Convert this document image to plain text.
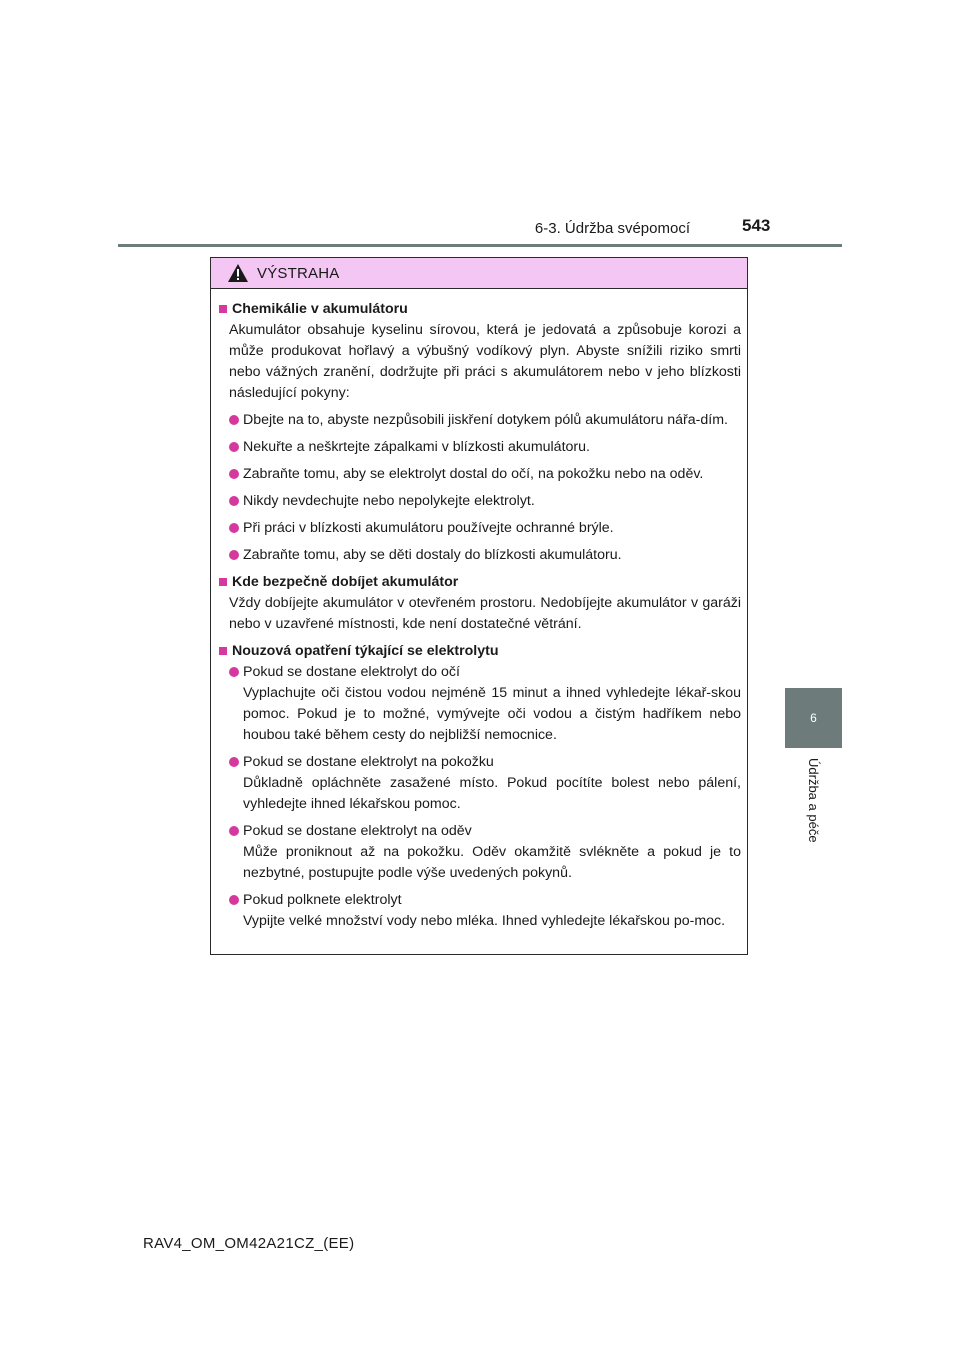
6-3. Údržba svépomocí	543
6
Údržba a péče
VÝSTRAHA
Chemikálie v akumulátoru
Akumulátor obsahuje kyselinu sírovou, která je jedovatá a způsobuje korozi a může produkovat hořlavý a výbušný vodíkový plyn. Abyste snížili riziko smrti nebo vážných zranění, dodržujte při práci s akumulátorem nebo v jeho blízkosti následující pokyny:
Dbejte na to, abyste nezpůsobili jiskření dotykem pólů akumulátoru nářa-dím.
Nekuřte a neškrtejte zápalkami v blízkosti akumulátoru.
Zabraňte tomu, aby se elektrolyt dostal do očí, na pokožku nebo na oděv.
Nikdy nevdechujte nebo nepolykejte elektrolyt.
Při práci v blízkosti akumulátoru používejte ochranné brýle.
Zabraňte tomu, aby se děti dostaly do blízkosti akumulátoru.
Kde bezpečně dobíjet akumulátor
Vždy dobíjejte akumulátor v otevřeném prostoru. Nedobíjejte akumulátor v garáži nebo v uzavřené místnosti, kde není dostatečné větrání.
Nouzová opatření týkající se elektrolytu
Pokud se dostane elektrolyt do očí
Vyplachujte oči čistou vodou nejméně 15 minut a ihned vyhledejte lékař-skou pomoc. Pokud je to možné, vymývejte oči vodou a čistým hadříkem nebo houbou také během cesty do nejbližší nemocnice.
Pokud se dostane elektrolyt na pokožku
Důkladně opláchněte zasažené místo. Pokud pocítíte bolest nebo pálení, vyhledejte ihned lékařskou pomoc.
Pokud se dostane elektrolyt na oděv
Může proniknout až na pokožku. Oděv okamžitě svlékněte a pokud je to nezbytné, postupujte podle výše uvedených pokynů.
Pokud polknete elektrolyt
Vypijte velké množství vody nebo mléka. Ihned vyhledejte lékařskou po-moc.
RAV4_OM_OM42A21CZ_(EE)
